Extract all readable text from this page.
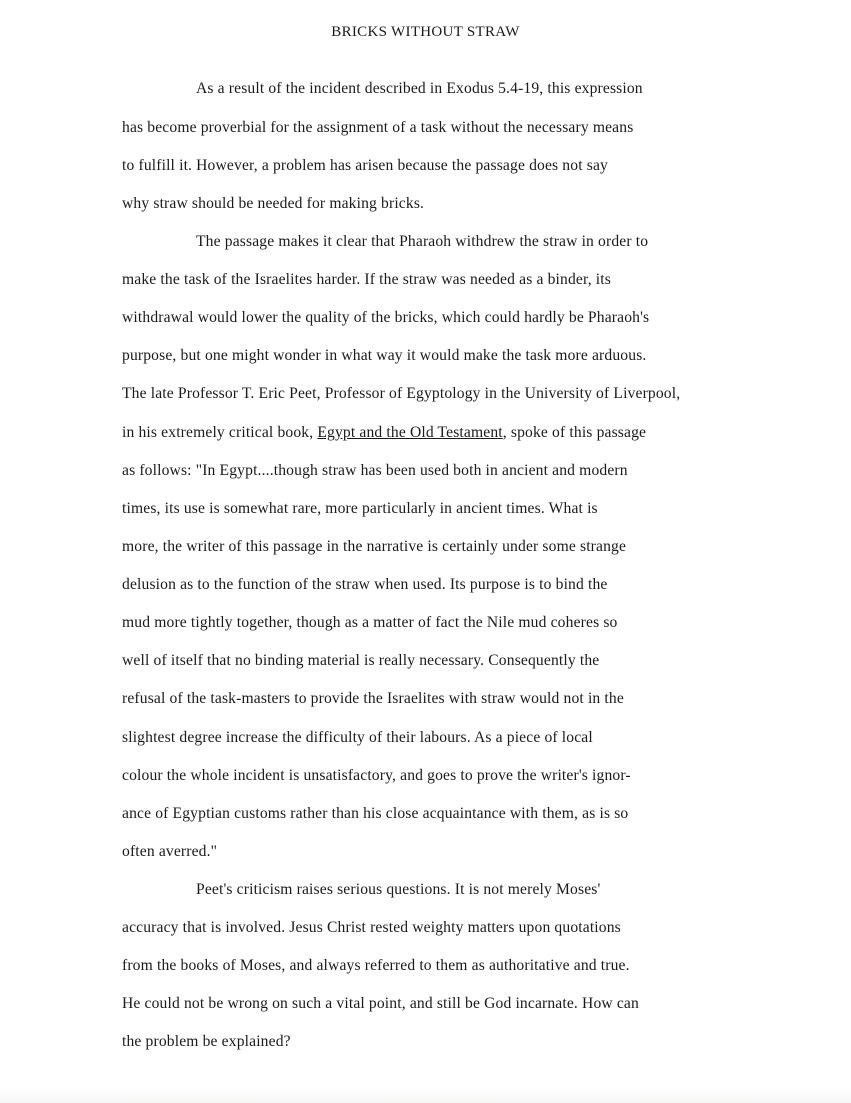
BRICKS WITHOUT STRAW
As a result of the incident described in Exodus 5.4-19, this expression
has become proverbial for the assignment of a task without the necessary means
to fulfill it. However, a problem has arisen because the passage does not say
why straw should be needed for making bricks.
The passage makes it clear that Pharaoh withdrew the straw in order to
make the task of the Israelites harder. If the straw was needed as a binder, its
withdrawal would lower the quality of the bricks, which could hardly be Pharaoh's
purpose, but one might wonder in what way it would make the task more arduous.
The late Professor T. Eric Peet, Professor of Egyptology in the University of Liverpool,
in his extremely critical book, Egypt and the Old Testament, spoke of this passage
as follows: "In Egypt....though straw has been used both in ancient and modern
times, its use is somewhat rare, more particularly in ancient times. What is
more, the writer of this passage in the narrative is certainly under some strange
delusion as to the function of the straw when used. Its purpose is to bind the
mud more tightly together, though as a matter of fact the Nile mud coheres so
well of itself that no binding material is really necessary. Consequently the
refusal of the task-masters to provide the Israelites with straw would not in the
slightest degree increase the difficulty of their labours. As a piece of local
colour the whole incident is unsatisfactory, and goes to prove the writer's ignor-
ance of Egyptian customs rather than his close acquaintance with them, as is so
often averred."
Peet's criticism raises serious questions. It is not merely Moses'
accuracy that is involved. Jesus Christ rested weighty matters upon quotations
from the books of Moses, and always referred to them as authoritative and true.
He could not be wrong on such a vital point, and still be God incarnate. How can
the problem be explained?
